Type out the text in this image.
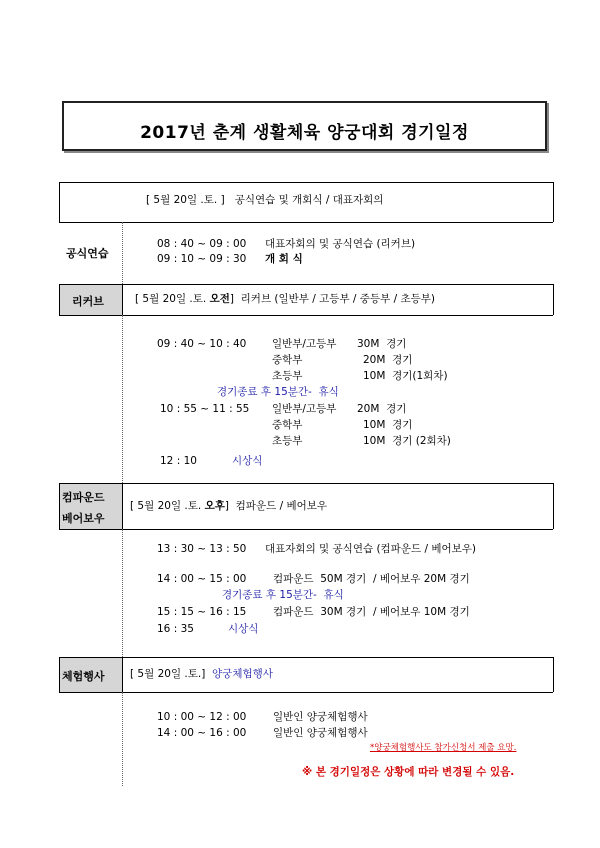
2017년 춘계 생활체육 양궁대회 경기일정
[ 5월 20일 .토. ]   공식연습 및 개회식 / 대표자회의
공식연습
08 : 40 ~ 09 : 00 대표자회의 및 공식연습 (리커브)
09 : 10 ~ 09 : 30 개 회 식
리커브	[ 5월 20일 .토. 오전]  리커브 (일반부 / 고등부 / 중등부 / 초등부)
09 : 40 ~ 10 : 40 일반부/고등부 30M  경기
중학부	20M  경기
초등부	10M  경기(1회차)
경기종료 후 15분간-  휴식
10 : 55 ~ 11 : 55 일반부/고등부 20M  경기
중학부	10M  경기
초등부	10M  경기 (2회차)
12 : 10	시상식
컴파운드
베어보우
[ 5월 20일 .토. 오후]  컴파운드 / 베어보우
13 : 30 ~ 13 : 50 대표자회의 및 공식연습 (컴파운드 / 베어보우)
14 : 00 ~ 15 : 00	컴파운드  50M 경기  / 베어보우 20M 경기
경기종료 후 15분간-  휴식
15 : 15 ~ 16 : 15	컴파운드  30M 경기  / 베어보우 10M 경기
16 : 35	시상식
체험행사 [ 5월 20일 .토.]  양궁체험행사
10 : 00 ~ 12 : 00	일반인 양궁체험행사
14 : 00 ~ 16 : 00	일반인 양궁체험행사
*양궁체험행사도 참가신청서 제출 요망.
※ 본 경기일정은 상황에 따라 변경될 수 있음.
